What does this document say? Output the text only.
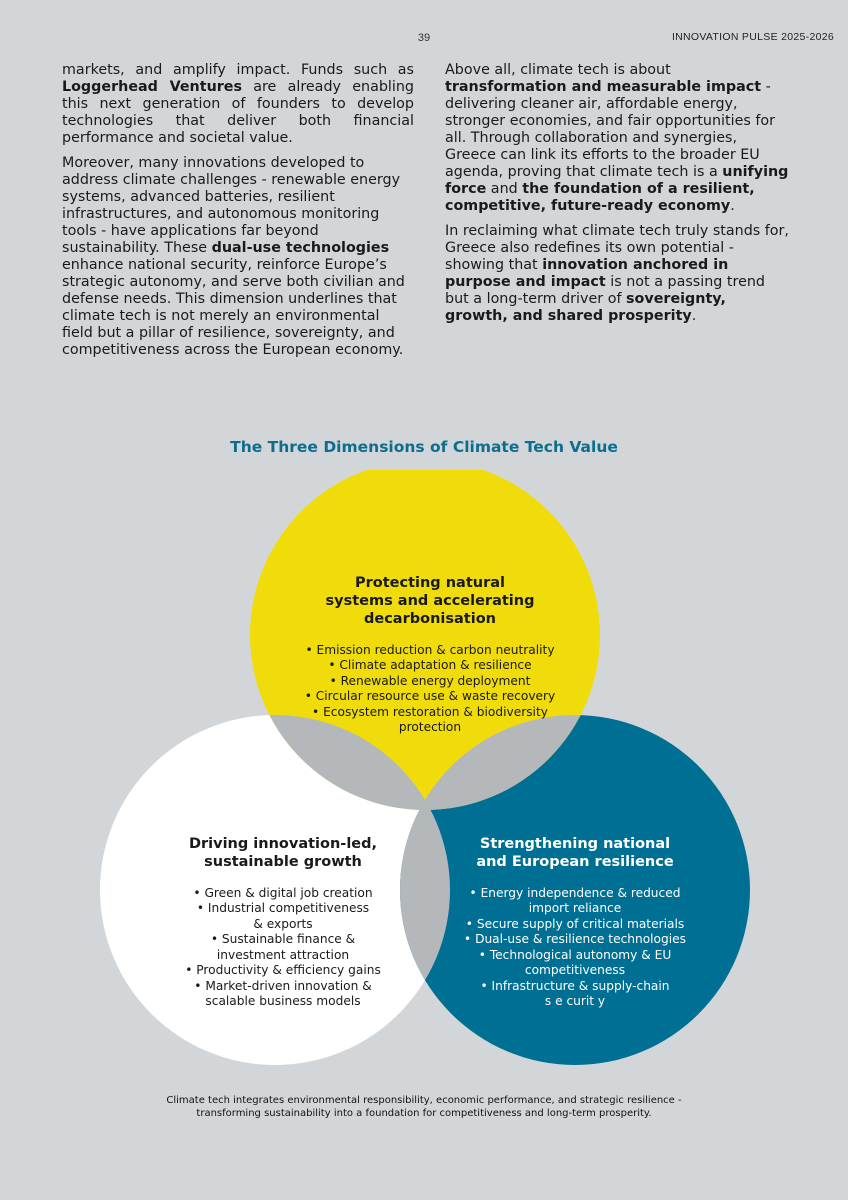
39	INNOVATION PULSE 2025-2026

markets, and amplify impact. Funds such as Loggerhead Ventures are already enabling this next generation of founders to develop technologies that deliver both financial performance and societal value.

Moreover, many innovations developed to address climate challenges - renewable energy systems, advanced batteries, resilient infrastructures, and autonomous monitoring tools - have applications far beyond sustainability. These dual-use technologies enhance national security, reinforce Europe’s strategic autonomy, and serve both civilian and defense needs. This dimension underlines that climate tech is not merely an environmental field but a pillar of resilience, sovereignty, and competitiveness across the European economy.

Above all, climate tech is about transformation and measurable impact - delivering cleaner air, affordable energy, stronger economies, and fair opportunities for all. Through collaboration and synergies, Greece can link its efforts to the broader EU agenda, proving that climate tech is a unifying force and the foundation of a resilient, competitive, future-ready economy.

In reclaiming what climate tech truly stands for, Greece also redefines its own potential - showing that innovation anchored in purpose and impact is not a passing trend but a long-term driver of sovereignty, growth, and shared prosperity.

The Three Dimensions of Climate Tech Value
Protecting natural
systems and accelerating
decarbonisation
• Emission reduction & carbon neutrality
• Climate adaptation & resilience
• Renewable energy deployment
• Circular resource use & waste recovery
• Ecosystem restoration & biodiversity
protection
Driving innovation-led,
sustainable growth
• Green & digital job creation
• Industrial competitiveness
& exports
• Sustainable finance &
investment attraction
• Productivity & efficiency gains
• Market-driven innovation &
scalable business models
Strengthening national
and European resilience
• Energy independence & reduced
import reliance
• Secure supply of critical materials
• Dual-use & resilience technologies
• Technological autonomy & EU
competitiveness
• Infrastructure & supply-chain
s e curit y
Climate tech integrates environmental responsibility, economic performance, and strategic resilience -
transforming sustainability into a foundation for competitiveness and long-term prosperity.
